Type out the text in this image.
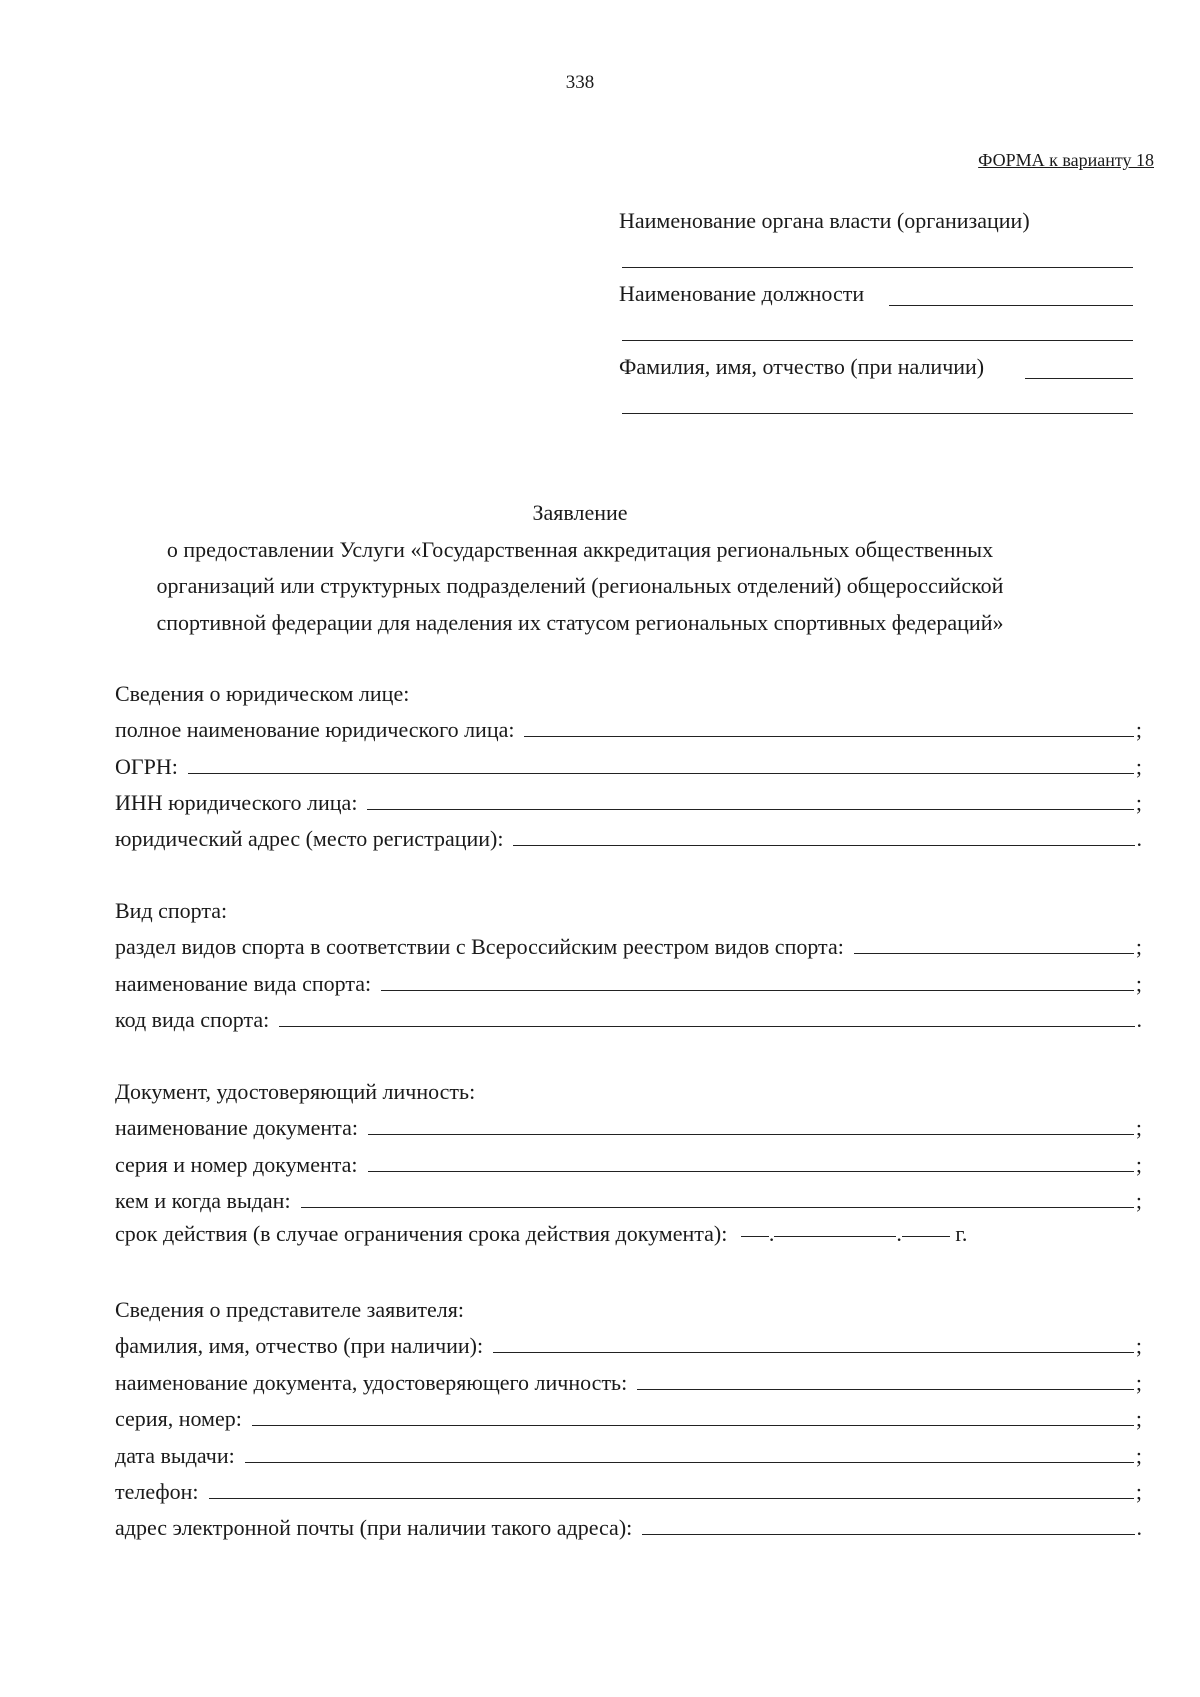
338
ФОРМА к варианту 18
Наименование органа власти (организации)
Наименование должности
Фамилия, имя, отчество (при наличии)
Заявление
о предоставлении Услуги «Государственная аккредитация региональных общественных
организаций или структурных подразделений (региональных отделений) общероссийской
спортивной федерации для наделения их статусом региональных спортивных федераций»
Сведения о юридическом лице:
полное наименование юридического лица:	;
ОГРН:	;
ИНН юридического лица:	;
юридический адрес (место регистрации):	.
Вид спорта:
раздел видов спорта в соответствии с Всероссийским реестром видов спорта:	;
наименование вида спорта:	;
код вида спорта:	.
Документ, удостоверяющий личность:
наименование документа:	;
серия и номер документа:	;
кем и когда выдан:	;
срок действия (в случае ограничения срока действия документа): .	. г.
Сведения о представителе заявителя:
фамилия, имя, отчество (при наличии):	;
наименование документа, удостоверяющего личность:	;
серия, номер:	;
дата выдачи:	;
телефон:	;
адрес электронной почты (при наличии такого адреса):	.
